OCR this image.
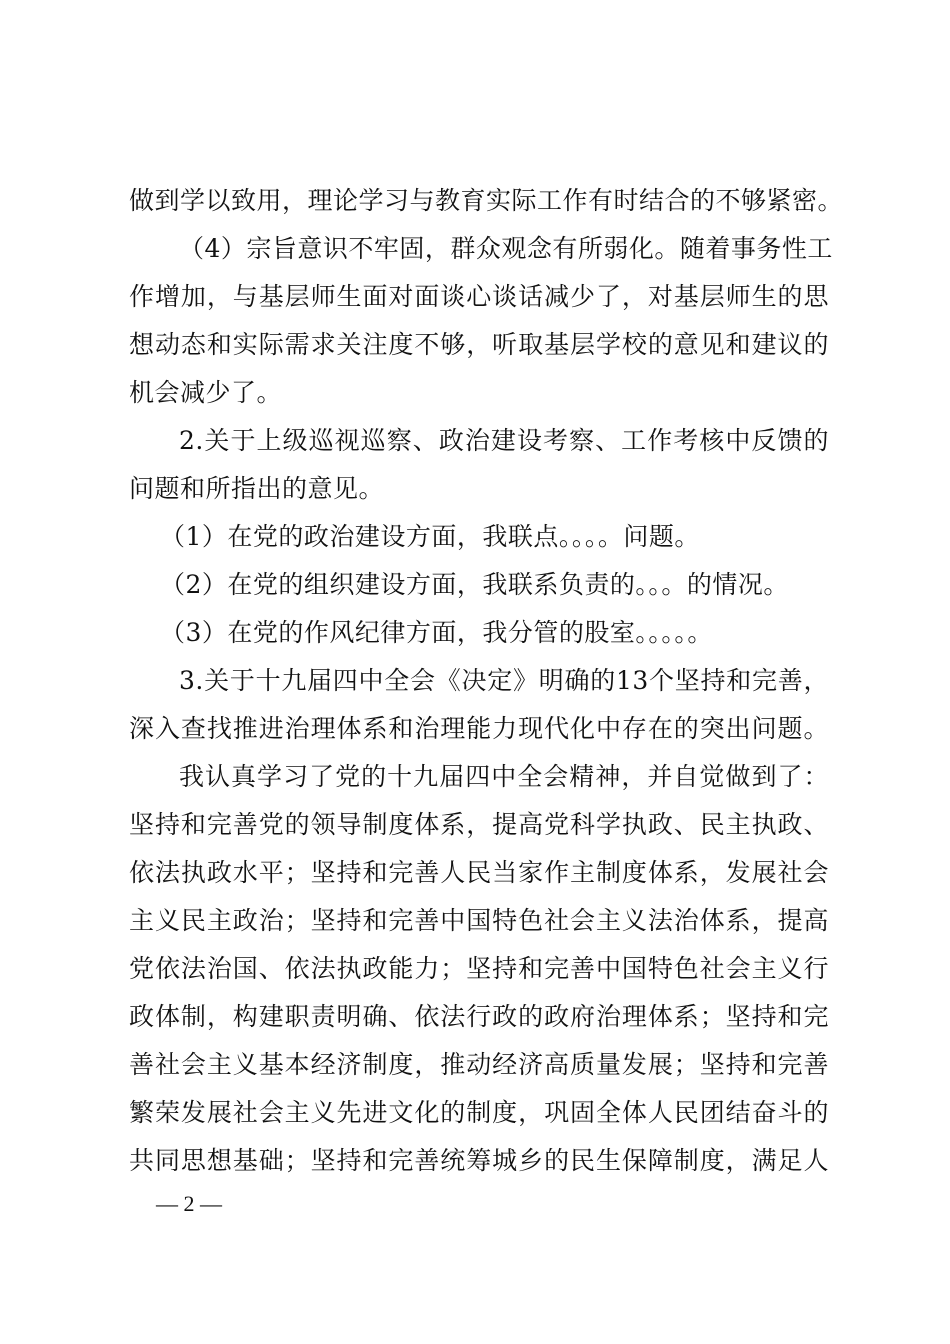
做到学以致用，理论学习与教育实际工作有时结合的不够紧密。
（4）宗旨意识不牢固，群众观念有所弱化。随着事务性工
作增加，与基层师生面对面谈心谈话减少了，对基层师生的思
想动态和实际需求关注度不够，听取基层学校的意见和建议的
机会减少了。
2.关于上级巡视巡察、政治建设考察、工作考核中反馈的
问题和所指出的意见。
（1）在党的政治建设方面，我联点。。。。问题。
（2）在党的组织建设方面，我联系负责的。。。的情况。
（3）在党的作风纪律方面，我分管的股室。。。。。
3.关于十九届四中全会《决定》明确的13个坚持和完善，
深入查找推进治理体系和治理能力现代化中存在的突出问题。
我认真学习了党的十九届四中全会精神，并自觉做到了：
坚持和完善党的领导制度体系，提高党科学执政、民主执政、
依法执政水平；坚持和完善人民当家作主制度体系，发展社会
主义民主政治；坚持和完善中国特色社会主义法治体系，提高
党依法治国、依法执政能力；坚持和完善中国特色社会主义行
政体制，构建职责明确、依法行政的政府治理体系；坚持和完
善社会主义基本经济制度，推动经济高质量发展；坚持和完善
繁荣发展社会主义先进文化的制度，巩固全体人民团结奋斗的
共同思想基础；坚持和完善统筹城乡的民生保障制度，满足人
— 2 —
